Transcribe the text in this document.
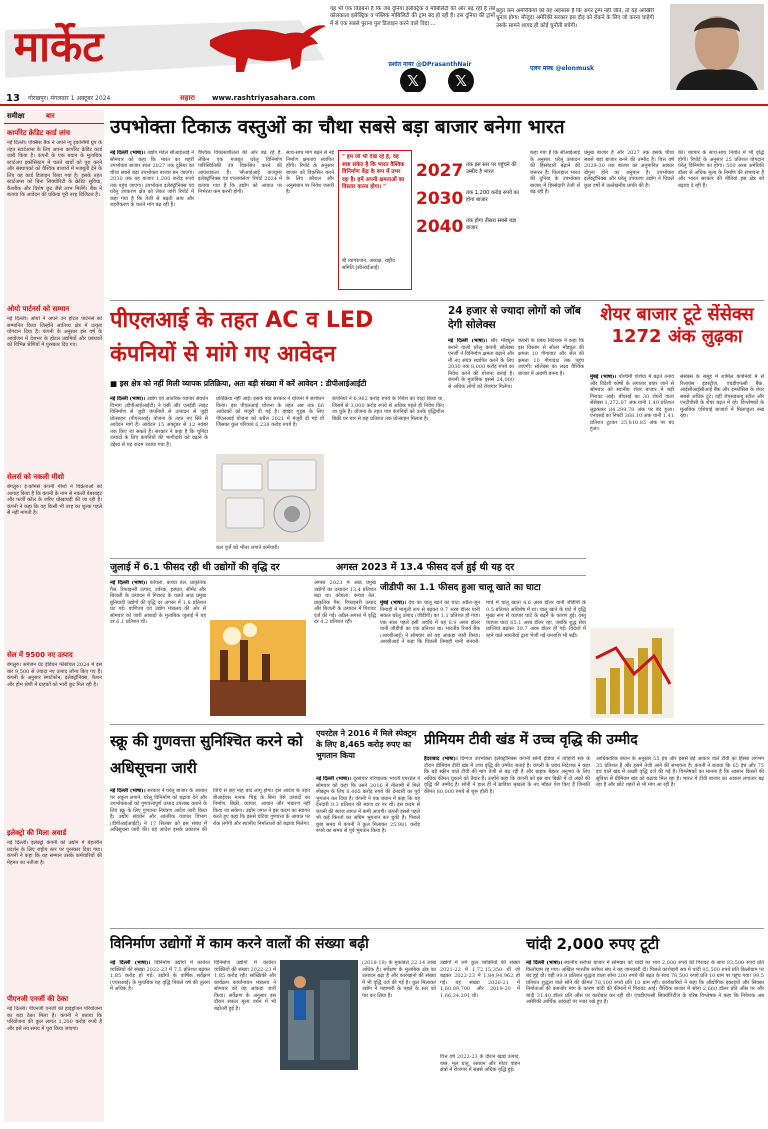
मार्केट
यह भी एक विडंबना है कि जब दुनिया इलेक्ट्रिक व मोबिलिटी की ओर बढ़ रही है तब कोलकाता इलेक्ट्रिक व पब्लिक मोबिलिटी की ट्राम बंद हो रही है। इस दुनिया की ट्रामों में से एक सबसे पुराना पुल डिजाइन करने वाले विदा ...
प्रशांत नायर @DPrasanthNair
𝕏	𝕏
बहुत कम अमेरिकियों को यह अहसास है कि अगर ट्रम्प नहीं जीते, तो यह आखिरी चुनाव होगा। मौजूदा अमेरिकी सरकार इस दौड़ को रोकने के लिए जो करना चाहेगी उसके सामने शायद ही कोई चुनौती बचेगी।
एलन मस्क @elonmusk
13 गोरखपुर। मंगलवार 1 अक्टूबर 2024	सहारा www.rashtriyasahara.com
समीक्षा	बार
कार्पोरेट क्रेडिट कार्ड लांच
नई दिल्ली। एक्सिस बैंक ने अपने न्यू इकोनॉमी ग्रुप के तहत स्टार्टअप्स के लिए अपना कार्पोरेट क्रेडिट कार्ड जारी किया है। कंपनी के एक बयान के मुताबिक स्टार्टअप इकोसिस्टम में चलते खर्चों को पूरा करने और संस्थापकों को वैश्विक बाजारों में मजबूती देने के लिए यह कार्ड डिजाइन किया गया है। इसके तहत स्टार्टअप्स को बिना सिक्योरिटी के क्रेडिट सुविधा, कैशबैक और विशेष छूट जैसे लाभ मिलेंगे। बैंक ने बताया कि आवेदन की प्रक्रिया पूरी तरह डिजिटल है।
ओयो पार्टनर्स को सम्मान
नई दिल्ली। ओयो ने अपने उन होटल पार्टनर्स को सम्मानित किया जिन्होंने आतिथ्य क्षेत्र में उत्कृष्ट योगदान दिया है। कंपनी के अनुसार इस वर्ष के आयोजन में देशभर के होटल उद्यमियों और प्रबंधकों को विभिन्न श्रेणियों में पुरस्कार दिए गए।
सेलर्स को नकली मीशो
बेंगलुरु। ई-कॉमर्स कंपनी मीशो ने विक्रेताओं को आगाह किया है कि कंपनी के नाम से नकली वेबसाइट और फर्जी कॉल के जरिए धोखाधड़ी की जा रही है। कंपनी ने कहा कि वह किसी भी तरह का शुल्क पहले से नहीं मांगती है।
सेल में 9500 नए उत्पाद
बेंगलुरु। अमेजन ग्रेट इंडियन फेस्टिवल 2024 में इस बार 9,500 से ज्यादा नए उत्पाद लॉन्च किए गए हैं। कंपनी के अनुसार स्मार्टफोन, इलेक्ट्रॉनिक्स, फैशन और होम श्रेणी में ग्राहकों को भारी छूट मिल रही है।
इलेक्ट्रो की मिला अवार्ड
नई दिल्ली। इलेक्ट्रो कंपनी को उद्योग में बेहतरीन प्रदर्शन के लिए राष्ट्रीय स्तर पर पुरस्कार दिया गया। कंपनी ने कहा कि यह सम्मान उसके कर्मचारियों की मेहनत का नतीजा है।
पीएनजी एनर्जी की ठेका
नई दिल्ली। पीएनजी एनर्जी को हाइड्रोजन परियोजना का बड़ा ठेका मिला है। कंपनी ने बताया कि परियोजना की कुल लागत 1,200 करोड़ रुपये है और इसे तय समय में पूरा किया जाएगा।
उपभोक्ता टिकाऊ वस्तुओं का चौथा सबसे बड़ा बाजार बनेगा भारत
नई दिल्ली (भाषा)। उद्योग मंडल सीआईआई ने सोमवार को कहा कि भारत का शहरी उपभोक्ता बाजार साल 2027 तक दुनिया का चौथा सबसे बड़ा उपभोक्ता बाजार बन जाएगा। 2030 तक यह बाजार 1,200 करोड़ रुपये तक पहुंच जाएगा। उपभोक्ता इलेक्ट्रॉनिक्स एवं घरेलू उपकरण क्षेत्र को लेकर जारी रिपोर्ट में कहा गया है कि तेजी से बढ़ती आय और शहरीकरण के चलते मांग बढ़ रही है।
वैश्विक विकासशीलता की ओर बढ़ रहे हैं, लेकिन एक मजबूत घरेलू विनिर्माण पारिस्थितिकी तंत्र विकसित करने की आवश्यकता है। 'सीआईआई कंज्यूमर इलेक्ट्रॉनिक्स एंड एप्लायंसेज' रिपोर्ट 2024 में बताया गया है कि उद्योग को आयात पर निर्भरता कम करनी होगी।
साथ-साथ मांग बढ़ने से नई निर्माण क्षमताएं स्थापित होंगी। रिपोर्ट के अनुसार बाजार को विकसित करने के लिए कौशल और अनुसंधान पर निवेश जरूरी है।
" हम जो भी देख रहे हैं, वह स्पष्ट संकेत है कि भारत वैश्विक विनिर्माण केंद्र के रूप में उभर रहा है। हमें अपनी क्षमताओं का विस्तार करना होगा। "
बी त्यागराजन, अध्यक्ष, राष्ट्रीय समिति (सीआईआई)
2027 तक इस स्तर पर पहुंचने की उम्मीद है भारत
2030 तक 1,200 करोड़ रुपये का होगा बाजार
2040 तक होगा तीसरा सबसे बड़ा बाजार
कहा गया है कि सीआईआई के अनुसार, घरेलू उत्पादन की हिस्सेदारी बढ़ाने की जरूरत है। फिलहाल भारत की दुनिया के उपभोक्ता बाजार में हिस्सेदारी तेजी से बढ़ रही है।
प्रमुख बाजार है और 2027 तक इसके चौथा सबसे बड़ा बाजार बनने की उम्मीद है। वित्त वर्ष 2029-30 तक बाजार का अनुमानित आकार दोगुना होने का अनुमान है। उपभोक्ता इलेक्ट्रॉनिक्स और घरेलू उपकरण उद्योग ने पिछले कुछ वर्षों में उल्लेखनीय प्रगति की है।
की। व्यापार के साथ-साथ निर्यात में भी वृद्धि होगी। रिपोर्ट के अनुसार 25 प्रतिशत योगदान घरेलू विनिर्माण का होगा। 500 अरब अमेरिकी डॉलर से अधिक मूल्य के निर्माण की संभावना है और भारत सरकार की नीतियां इस क्षेत्र को बढ़ावा दे रही हैं।
पीएलआई के तहत AC व LED कंपनियों से मांगे गए आवेदन
■ इस क्षेत्र को नहीं मिली व्यापक प्रतिक्रिया, अतः बड़ी संख्या में करें आवेदन : डीपीआईआईटी
नई दिल्ली (भाषा)। उद्योग एवं आंतरिक व्यापार संवर्धन विभाग (डीपीआईआईटी) ने एसी और एलईडी लाइट विनिर्माण से जुड़ी कंपनियों से उत्पादन से जुड़ी प्रोत्साहन (पीएलआई) योजना के तहत नए सिरे से आवेदन मांगे हैं। आवेदन 15 अक्टूबर से 12 नवंबर तक किए जा सकते हैं। सरकार ने कहा है कि चुनिंदा उत्पादों के लिए कंपनियों की भागीदारी को बढ़ाने के उद्देश्य से यह कदम उठाया गया है।
प्रतिक्रिया नहीं आई। इसके बाद सरकार ने योजना में संशोधन किया। इस पीएलआई योजना के तहत अब तक 66 आवेदकों को मंजूरी दी गई है। व्हाइट गुड्स के लिए पीएलआई योजना को अप्रैल 2021 में मंजूरी दी गई थी जिसका कुल परिव्यय 6,238 करोड़ रुपये है।
कल पुर्जे को भीतर लगाते कर्मचारी।
कंपनियों ने 6,962 करोड़ रुपये के निवेश का वादा किया था, जिसमें से 3,000 करोड़ रुपये से अधिक पहले ही निवेश किए जा चुके हैं। योजना के तहत पात्र कंपनियों को उनके वृद्धिशील बिक्री पर चार से छह प्रतिशत तक प्रोत्साहन मिलता है।
24 हजार से ज्यादा लोगों को जॉब देगी सोलेक्स
नई दिल्ली (भाषा)। सौर मॉड्यूल बनाने वाली घरेलू कंपनी सोलेक्स एनर्जी ने विनिर्माण क्षमता बढ़ाने और नौ नए संयंत्र स्थापित करने के लिए 2030 तक 8,000 करोड़ रुपये का निवेश करने की योजना बनाई है। कंपनी के मुताबिक इससे 24,000 से अधिक लोगों को रोजगार मिलेगा।
कंपनी के प्रबंध निदेशक ने कहा कि इस विस्तार से सोलर मॉड्यूल की क्षमता 10 गीगावाट और सेल की क्षमता 10 गीगावाट तक पहुंच जाएगी। सोलेक्स का लक्ष्य वैश्विक बाजार में अग्रणी बनना है।
शेयर बाजार टूटे सेंसेक्स 1272 अंक लुढ़का
मुंबई (भाषा)। पश्चिमी एशिया में बढ़ते तनाव और विदेशी कोषों के लगातार बाहर जाने से सोमवार को स्थानीय शेयर बाजार में बड़ी गिरावट आई। बीएसई का 30 शेयरों वाला सेंसेक्स 1,272.07 अंक यानी 1.49 प्रतिशत लुढ़ककर 84,299.78 अंक पर बंद हुआ। एनएसई का निफ्टी 368.10 अंक यानी 1.41 प्रतिशत टूटकर 25,810.85 अंक पर बंद हुआ।
सेंसेक्स के समूह में शामिल कंपनियों में से रिलायंस इंडस्ट्रीज, एचडीएफसी बैंक, आईसीआईसीआई बैंक और इन्फोसिस के शेयर सबसे अधिक टूटे। वहीं जेएसडब्ल्यू स्टील और एनटीपीसी के शेयर बढ़त में रहे। विश्लेषकों के मुताबिक एशियाई बाजारों में मिलाजुला रुख रहा।
जुलाई में 6.1 फीसद रही थी उद्योगों की वृद्धि दर	अगस्त 2023 में 13.4 फीसद दर्ज हुई थी यह दर
नई दिल्ली (भाषा)। कोयला, कच्चा तेल, प्राकृतिक गैस, रिफाइनरी उत्पाद, उर्वरक, इस्पात, सीमेंट और बिजली के उत्पादन में गिरावट के चलते आठ प्रमुख बुनियादी उद्योगों की वृद्धि दर अगस्त में 1.8 प्रतिशत घट गई। वाणिज्य एवं उद्योग मंत्रालय की ओर से सोमवार को जारी आंकड़ों के मुताबिक जुलाई में यह दर 6.1 प्रतिशत थी।
अगस्त 2023 में आठ प्रमुख उद्योगों का उत्पादन 13.4 प्रतिशत बढ़ा था। कोयला, कच्चा तेल, प्राकृतिक गैस, रिफाइनरी उत्पाद और बिजली के उत्पादन में गिरावट दर्ज की गई। अप्रैल-अगस्त में वृद्धि दर 4.2 प्रतिशत रही।
जीडीपी का 1.1 फीसद हुआ चालू खाते का घाटा
मुंबई (भाषा)। देश का चालू खाते का घाटा अप्रैल-जून तिमाही में मामूली रूप से बढ़कर 9.7 अरब डॉलर यानी सकल घरेलू उत्पाद (जीडीपी) का 1.1 प्रतिशत हो गया। एक साल पहले इसी अवधि में यह 8.9 अरब डॉलर यानी जीडीपी का एक प्रतिशत था। भारतीय रिजर्व बैंक (आरबीआई) ने सोमवार को यह आंकड़ा जारी किया। आरबीआई ने कहा कि पिछली तिमाही यानी जनवरी-मार्च में चालू खाता 4.6 अरब डॉलर यानी जीडीपी के 0.5 प्रतिशत अधिशेष में था। चालू खाते के घाटे में वृद्धि मुख्य रूप से व्यापार घाटे के बढ़ने के कारण हुई। वस्तु व्यापार घाटा 65.1 अरब डॉलर रहा, जबकि शुद्ध सेवा प्राप्तियां बढ़कर 39.7 अरब डॉलर हो गईं। विदेशों में रहने वाले भारतीयों द्वारा भेजी गई धनराशि भी बढ़ी।
स्क्रू की गुणवत्ता सुनिश्चित करने को अधिसूचना जारी
नई दिल्ली (भाषा)। सरकार ने घरेलू बाजार के आयात पर अंकुश लगाने, घरेलू विनिर्माण को बढ़ावा देने और उपभोक्ताओं को गुणवत्तापूर्ण उत्पाद उपलब्ध कराने के लिए स्क्रू के लिए गुणवत्ता नियंत्रण आदेश जारी किया है। उद्योग संवर्धन और आंतरिक व्यापार विभाग (डीपीआईआईटी) ने 17 सितंबर को इस संबंध में अधिसूचना जारी की। यह आदेश इसके प्रकाशन की तिथि से छह माह बाद लागू होगा। इस आदेश के तहत बीआईएस मानक चिह्न के बिना ऐसे उत्पादों का निर्माण, बिक्री, व्यापार, आयात और भंडारण नहीं किया जा सकेगा। उद्योग जगत ने इस कदम का स्वागत करते हुए कहा कि इससे घटिया गुणवत्ता के आयात पर रोक लगेगी और स्थानीय निर्माताओं को बढ़ावा मिलेगा।
एयरटेल ने 2016 में मिले स्पेक्ट्रम के लिए 8,465 करोड़ रुपए का भुगतान किया
नई दिल्ली (भाषा)। दूरसंचार परिचालक भारती एयरटेल ने सोमवार को कहा कि उसने 2016 में नीलामी में मिले स्पेक्ट्रम के लिए 8,465 करोड़ रुपये की देनदारी का पूर्व भुगतान कर दिया है। कंपनी ने एक बयान में कहा कि यह देनदारी 9.3 प्रतिशत की ब्याज दर पर थी। इस कदम से कंपनी की ब्याज लागत में कमी आएगी। कंपनी इससे पहले भी कई किश्तों का अग्रिम भुगतान कर चुकी है। पिछले कुछ समय में कंपनी ने कुल मिलाकर 25,981 करोड़ रुपये का समय से पूर्व भुगतान किया है।
प्रीमियम टीवी खंड में उच्च वृद्धि की उम्मीद
हैदराबाद (भाषा)। दिग्गज उपभोक्ता इलेक्ट्रॉनिक्स कंपनी सोनी इंडिया ने त्योहारी सत्र के दौरान प्रीमियम टीवी खंड में उच्च वृद्धि की उम्मीद जताई है। कंपनी के प्रबंध निदेशक ने कहा कि बड़े स्क्रीन वाले टीवी की मांग तेजी से बढ़ रही है और ग्राहक बेहतर अनुभव के लिए अधिक कीमत चुकाने को तैयार हैं। उन्होंने कहा कि कंपनी को इस बार बिक्री में दो अंकों की वृद्धि की उम्मीद है। सोनी ने हाल ही में ब्राविया श्रृंखला के नए मॉडल पेश किए हैं जिनकी कीमत 80,000 रुपये से शुरू होती है।
आधिकारिक बयान के अनुसार 55 इंच और इससे बड़े आकार वाले टीवी का हिस्सा लगभग 35 प्रतिशत है और इसमें तेजी आने की संभावना है। कंपनी ने बताया कि 65 इंच और 75 इंच वाले खंड में अच्छी वृद्धि दर्ज की गई है। विश्लेषकों का मानना है कि आसान किस्तों की सुविधा से प्रीमियम खंड को बढ़ावा मिल रहा है। भारत में टीवी बाजार का आकार लगातार बढ़ रहा है और छोटे शहरों से भी मांग आ रही है।
विनिर्माण उद्योगों में काम करने वालों की संख्या बढ़ी
नई दिल्ली (भाषा)। विनिर्माण उद्योगों में कार्यरत व्यक्तियों की संख्या 2022-23 में 7.5 प्रतिशत बढ़कर 1.85 करोड़ हो गई। उद्योगों के वार्षिक सर्वेक्षण (एएसआई) के मुताबिक यह वृद्धि पिछले वर्ष की तुलना में अधिक है।
विनिर्माण उद्योगों में कार्यरत व्यक्तियों की संख्या 2022-23 में 1.85 करोड़ रही। सांख्यिकी और कार्यक्रम कार्यान्वयन मंत्रालय ने सोमवार को यह आंकड़ा जारी किया। सर्वेक्षण के अनुसार इस दौरान सकल मूल्य वर्धन में भी बढ़ोतरी हुई है।
(2018-19) के मुकाबले 22.14 लाख अधिक है। सर्वेक्षण के मुताबिक क्षेत्र का उत्पादन बढ़ा है और कारखानों की संख्या में भी वृद्धि दर्ज की गई है। कुल मिलाकर उद्योग ने महामारी के पहले के स्तर को पार कर लिया है।
उद्योगों में लगे कुल व्यक्तियों की संख्या 2021-22 में 1,72,15,350 थी जो बढ़कर 2022-23 में 1,84,94,962 हो गई। यह संख्या 2020-21 में 1,60,89,700 और 2019-20 में 1,66,24,291 थी।
वित्त वर्ष 2022-23 के दौरान खाद्य उत्पाद, वस्त्र, मूल धातु, रसायन और मोटर वाहन क्षेत्रों में रोजगार में सबसे अधिक वृद्धि हुई।
चांदी 2,000 रुपए टूटी
नई दिल्ली (भाषा)। स्थानीय सर्राफा बाजार में सोमवार को चांदी का भाव 2,000 रुपये की गिरावट के साथ 93,500 रुपये प्रति किलोग्राम रह गया। अखिल भारतीय सर्राफा संघ ने यह जानकारी दी। पिछले कारोबारी सत्र में चांदी 95,500 रुपये प्रति किलोग्राम पर बंद हुई थी। वहीं 99.9 प्रतिशत शुद्धता वाला सोना 200 रुपये की बढ़त के साथ 78,500 रुपये प्रति 10 ग्राम पर पहुंच गया। 99.5 प्रतिशत शुद्धता वाले सोने की कीमत 78,100 रुपये प्रति 10 ग्राम रही। कारोबारियों ने कहा कि औद्योगिक इकाइयों और सिक्का निर्माताओं की कमजोर मांग के कारण चांदी की कीमतों में गिरावट आई। वैश्विक बाजार में सोना 2,660 डॉलर प्रति औंस पर और चांदी 31.40 डॉलर प्रति औंस पर कारोबार कर रही थी। एचडीएफसी सिक्योरिटीज के वरिष्ठ विश्लेषक ने कहा कि निवेशक अब अमेरिकी आर्थिक आंकड़ों पर नजर रखे हुए हैं।
